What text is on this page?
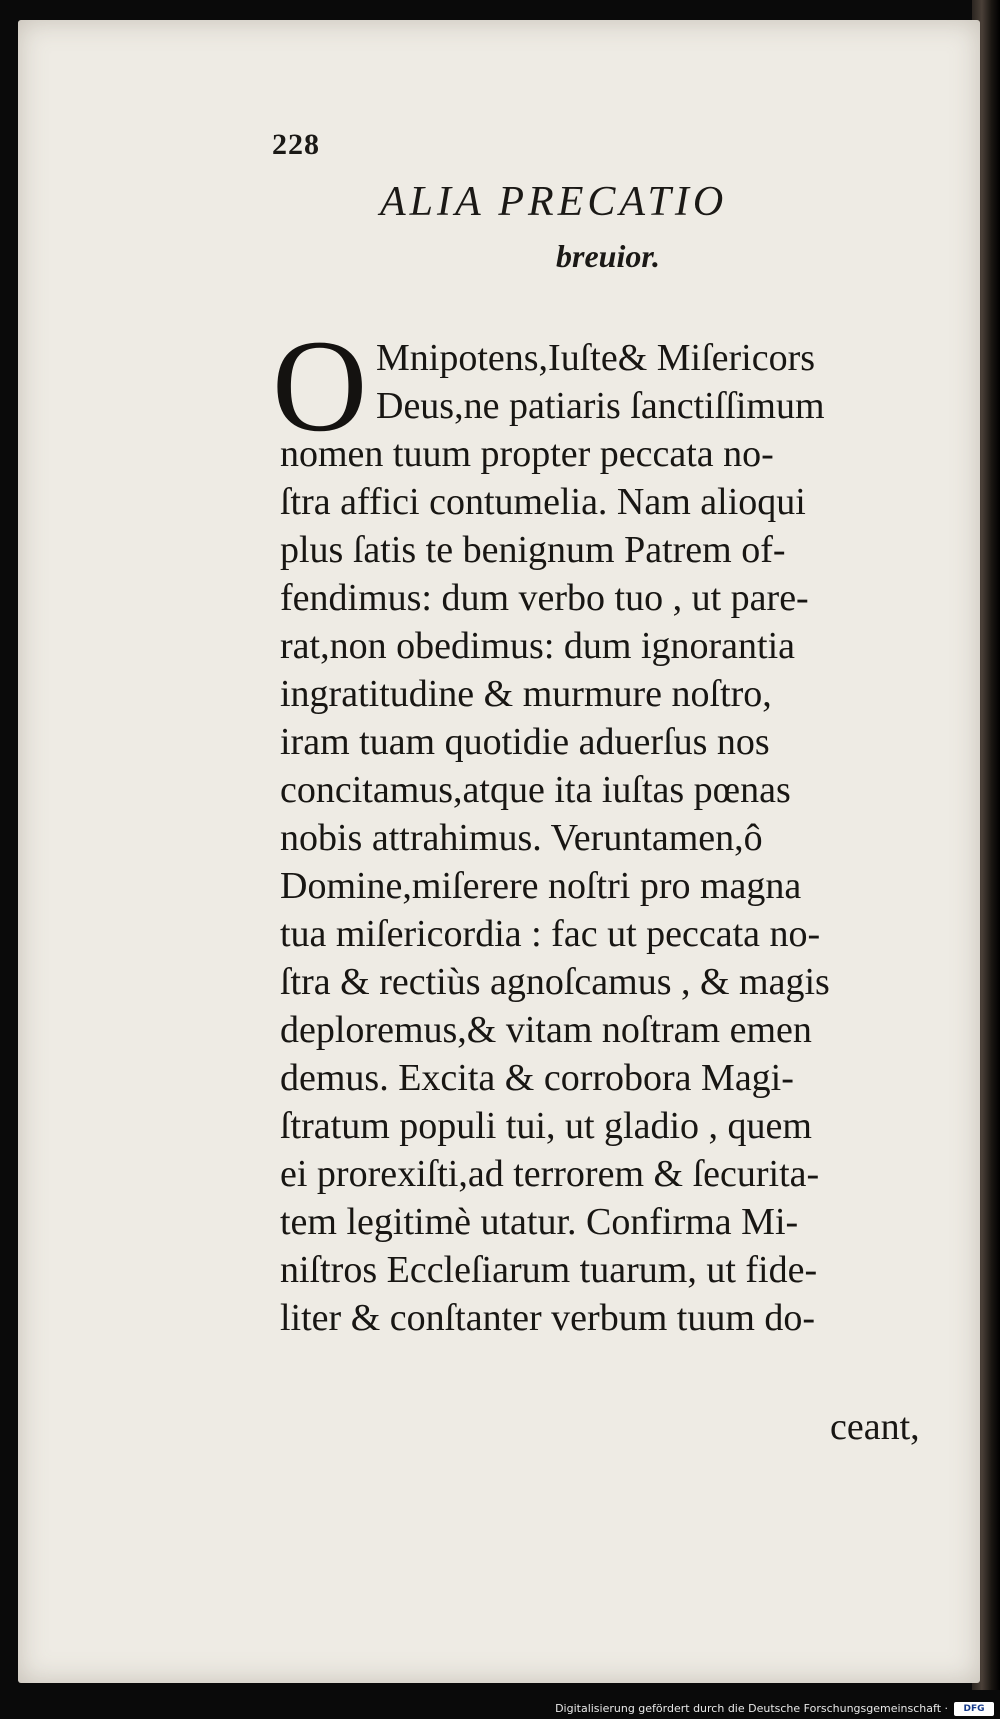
228
ALIA PRECATIO
breuior.
O Mnipotens,Iuſte& Miſericors
Deus,ne patiaris ſanctiſſimum
nomen tuum propter peccata no-
ſtra affici contumelia. Nam alioqui
plus ſatis te benignum Patrem of-
fendimus: dum verbo tuo , ut pare-
rat,non obedimus: dum ignorantia
ingratitudine & murmure noſtro,
iram tuam quotidie aduerſus nos
concitamus,atque ita iuſtas pœnas
nobis attrahimus. Veruntamen,ô
Domine,miſerere noſtri pro magna
tua miſericordia : fac ut peccata no-
ſtra & rectiùs agnoſcamus , & magis
deploremus,& vitam noſtram emen
demus. Excita & corrobora Magi-
ſtratum populi tui, ut gladio , quem
ei prorexiſti,ad terrorem & ſecurita-
tem legitimè utatur. Confirma Mi-
niſtros Eccleſiarum tuarum, ut fide-
liter & conſtanter verbum tuum do-
ceant,
Digitalisierung gefördert durch die Deutsche Forschungsgemeinschaft ·	DFG
